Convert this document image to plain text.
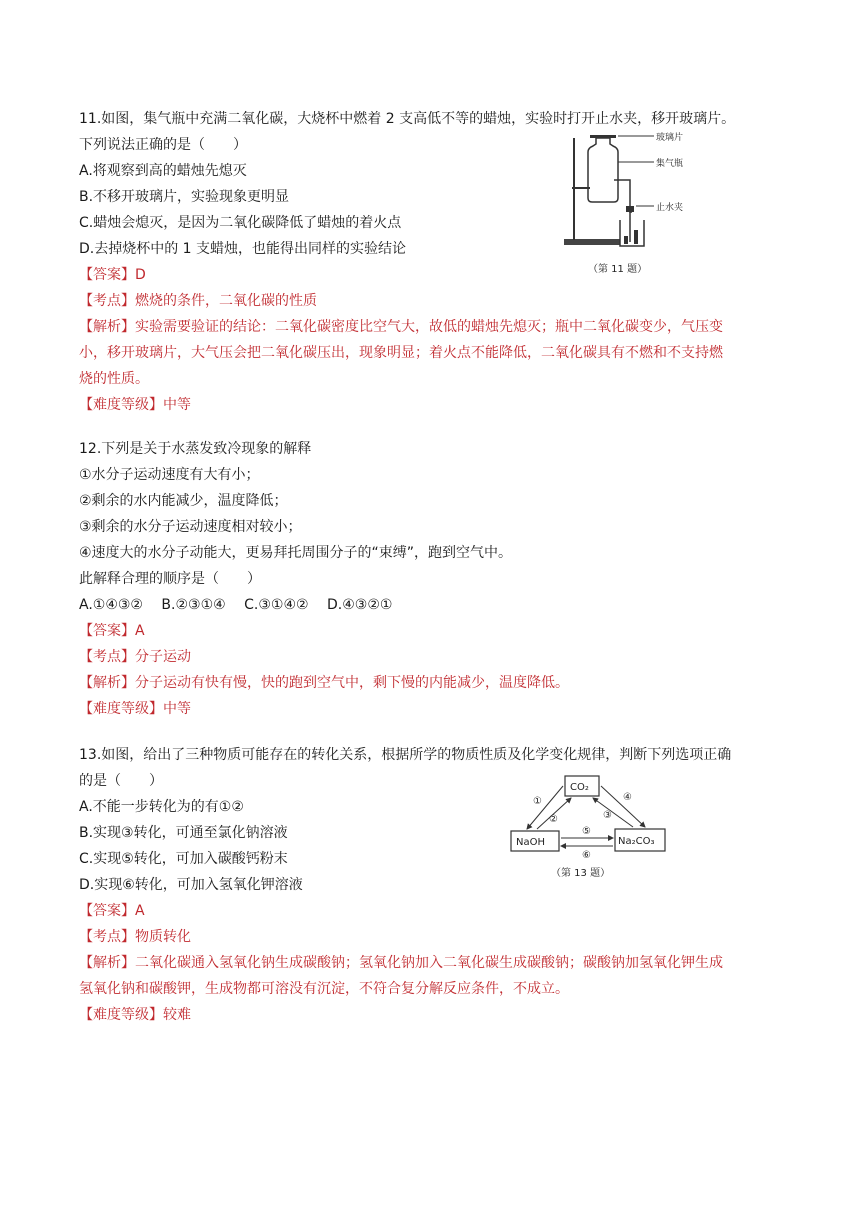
11.如图，集气瓶中充满二氧化碳，大烧杯中燃着 2 支高低不等的蜡烛，实验时打开止水夹，移开玻璃片。
下列说法正确的是（　　）
A.将观察到高的蜡烛先熄灭
B.不移开玻璃片，实验现象更明显
C.蜡烛会熄灭，是因为二氧化碳降低了蜡烛的着火点
D.去掉烧杯中的 1 支蜡烛，也能得出同样的实验结论
【答案】D
【考点】燃烧的条件，二氧化碳的性质
【解析】实验需要验证的结论：二氧化碳密度比空气大，故低的蜡烛先熄灭；瓶中二氧化碳变少，气压变
小，移开玻璃片，大气压会把二氧化碳压出，现象明显；着火点不能降低，二氧化碳具有不燃和不支持燃
烧的性质。
【难度等级】中等
玻璃片
集气瓶
止水夹
（第 11 题）
12.下列是关于水蒸发致冷现象的解释
①水分子运动速度有大有小；
②剩余的水内能减少，温度降低；
③剩余的水分子运动速度相对较小；
④速度大的水分子动能大，更易拜托周围分子的“束缚”，跑到空气中。
此解释合理的顺序是（　　）
A.①④③②　 B.②③①④　 C.③①④②　 D.④③②①
【答案】A
【考点】分子运动
【解析】分子运动有快有慢，快的跑到空气中，剩下慢的内能减少，温度降低。
【难度等级】中等
13.如图，给出了三种物质可能存在的转化关系，根据所学的物质性质及化学变化规律，判断下列选项正确
的是（　　）
A.不能一步转化为的有①②
B.实现③转化，可通至氯化钠溶液
C.实现⑤转化，可加入碳酸钙粉末
D.实现⑥转化，可加入氢氧化钾溶液
【答案】A
【考点】物质转化
【解析】二氧化碳通入氢氧化钠生成碳酸钠；氢氧化钠加入二氧化碳生成碳酸钠；碳酸钠加氢氧化钾生成
氢氧化钠和碳酸钾，生成物都可溶没有沉淀，不符合复分解反应条件，不成立。
【难度等级】较难
CO₂
NaOH	Na₂CO₃
①
②	③
④
⑤
⑥
（第 13 题）
